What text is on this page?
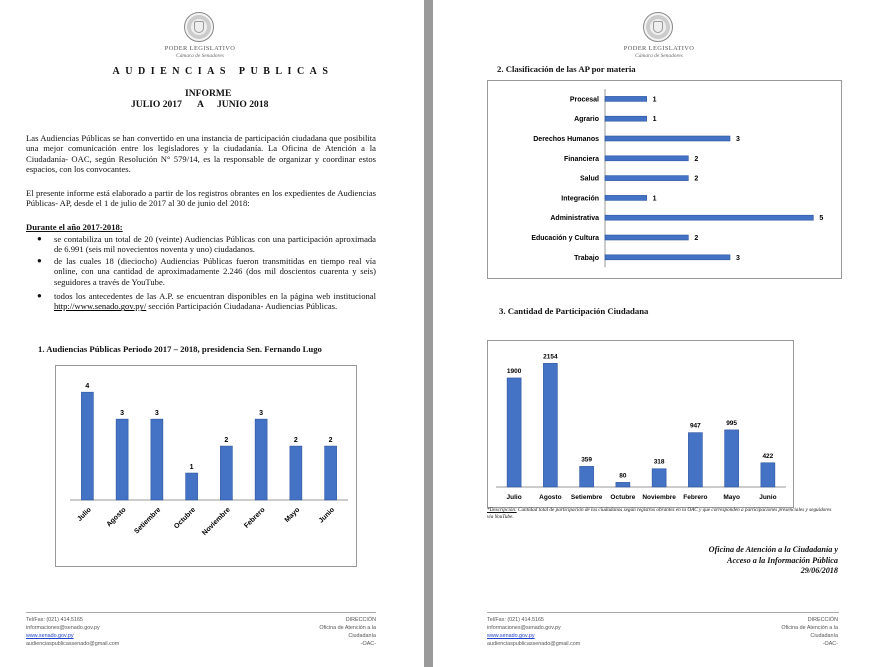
PODER LEGISLATIVO
Cámara de Senadores
AUDIENCIAS PUBLICAS
INFORME
JULIO 2017 A JUNIO 2018
Las Audiencias Públicas se han convertido en una instancia de participación ciudadana que posibilita una mejor comunicación entre los legisladores y la ciudadanía. La Oficina de Atención a la Ciudadanía- OAC, según Resolución N° 579/14, es la responsable de organizar y coordinar estos espacios, con los convocantes.
El presente informe está elaborado a partir de los registros obrantes en los expedientes de Audiencias Públicas- AP, desde el 1 de julio de 2017 al 30 de junio del 2018:
Durante el año 2017-2018:
● se contabiliza un total de 20 (veinte) Audiencias Públicas con una participación aproximada de 6.991 (seis mil novecientos noventa y uno) ciudadanos.
● de las cuales 18 (dieciocho) Audiencias Públicas fueron transmitidas en tiempo real vía online, con una cantidad de aproximadamente 2.246 (dos mil doscientos cuarenta y seis) seguidores a través de YouTube.
● todos los antecedentes de las A.P. se encuentran disponibles en la página web institucional http://www.senado.gov.py/ sección Participación Ciudadana- Audiencias Públicas.
1. Audiencias Públicas Periodo 2017 – 2018, presidencia Sen. Fernando Lugo
4
Julio
3
Agosto
3
Setiembre
1
Octubre
2
Noviembre
3
Febrero
2
Mayo
2
Junio
Tel/Fax: (021) 414.5165
informaciones@senado.gov.py
www.senado.gov.py
audienciaspublicassenado@gmail.com
DIRECCIÓN
Oficina de Atención a la
Ciudadanía
-OAC-
PODER LEGISLATIVO
Cámara de Senadores
2. Clasificación de las AP por materia
Procesal	1
Agrario	1
Derechos Humanos	3
Financiera	2
Salud	2
Integración	1
Administrativa	5
Educación y Cultura	2
Trabajo	3
3. Cantidad de Participación Ciudadana
1900
Julio
2154
Agosto
359
Setiembre
80
Octubre
318
Noviembre
947
Febrero
995
Mayo
422
Junio
*Descripción: Cantidad total de participación de los ciudadanos según registros obrantes en la OAC y que corresponden a participaciones presenciales y seguidores vía YouTube.
Oficina de Atención a la Ciudadanía y
Acceso a la Información Pública
29/06/2018
Tel/Fax: (021) 414.5165
informaciones@senado.gov.py
www.senado.gov.py
audienciaspublicassenado@gmail.com
DIRECCIÓN
Oficina de Atención a la
Ciudadanía
-OAC-
